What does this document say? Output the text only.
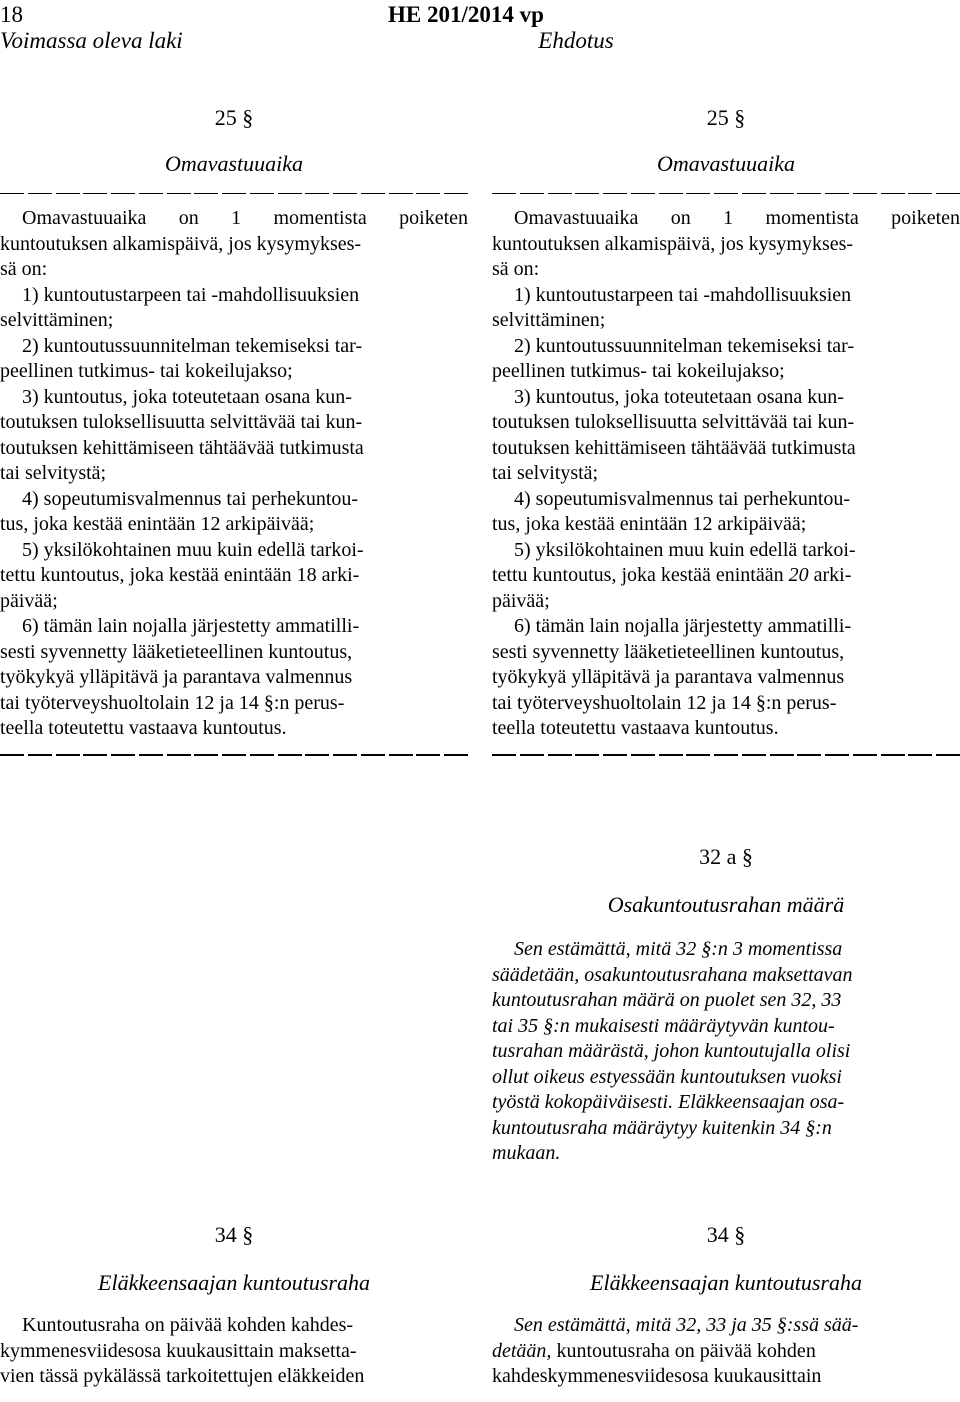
18	HE 201/2014 vp
Voimassa oleva laki	Ehdotus
25 §
Omavastuuaika

Omavastuuaika on 1 momentista poiketen kuntoutuksen alkamispäivä, jos kysymykses-
sä on:

1) kuntoutustarpeen tai -mahdollisuuksien
selvittäminen;

2) kuntoutussuunnitelman tekemiseksi tar-
peellinen tutkimus- tai kokeilujakso;

3) kuntoutus, joka toteutetaan osana kun-
toutuksen tuloksellisuutta selvittävää tai kun-
toutuksen kehittämiseen tähtäävää tutkimusta
tai selvitystä;

4) sopeutumisvalmennus tai perhekuntou-
tus, joka kestää enintään 12 arkipäivää;

5) yksilökohtainen muu kuin edellä tarkoi-
tettu kuntoutus, joka kestää enintään 18 arki-
päivää;

6) tämän lain nojalla järjestetty ammatilli-
sesti syvennetty lääketieteellinen kuntoutus,
työkykyä ylläpitävä ja parantava valmennus
tai työterveyshuoltolain 12 ja 14 §:n perus-
teella toteutettu vastaava kuntoutus.

25 §
Omavastuuaika

Omavastuuaika on 1 momentista poiketen kuntoutuksen alkamispäivä, jos kysymykses-
sä on:

1) kuntoutustarpeen tai -mahdollisuuksien
selvittäminen;

2) kuntoutussuunnitelman tekemiseksi tar-
peellinen tutkimus- tai kokeilujakso;

3) kuntoutus, joka toteutetaan osana kun-
toutuksen tuloksellisuutta selvittävää tai kun-
toutuksen kehittämiseen tähtäävää tutkimusta
tai selvitystä;

4) sopeutumisvalmennus tai perhekuntou-
tus, joka kestää enintään 12 arkipäivää;

5) yksilökohtainen muu kuin edellä tarkoi-
tettu kuntoutus, joka kestää enintään 20 arki-
päivää;

6) tämän lain nojalla järjestetty ammatilli-
sesti syvennetty lääketieteellinen kuntoutus,
työkykyä ylläpitävä ja parantava valmennus
tai työterveyshuoltolain 12 ja 14 §:n perus-
teella toteutettu vastaava kuntoutus.

32 a §
Osakuntoutusrahan määrä

Sen estämättä, mitä 32 §:n 3 momentissa
säädetään, osakuntoutusrahana maksettavan
kuntoutusrahan määrä on puolet sen 32, 33
tai 35 §:n mukaisesti määräytyvän kuntou-
tusrahan määrästä, johon kuntoutujalla olisi
ollut oikeus estyessään kuntoutuksen vuoksi
työstä kokopäiväisesti. Eläkkeensaajan osa-
kuntoutusraha määräytyy kuitenkin 34 §:n
mukaan.

34 §
Eläkkeensaajan kuntoutusraha

Kuntoutusraha on päivää kohden kahdes-
kymmenesviidesosa kuukausittain maksetta-
vien tässä pykälässä tarkoitettujen eläkkeiden

34 §
Eläkkeensaajan kuntoutusraha

Sen estämättä, mitä 32, 33 ja 35 §:ssä sää-
detään, kuntoutusraha on päivää kohden
kahdeskymmenesviidesosa kuukausittain
